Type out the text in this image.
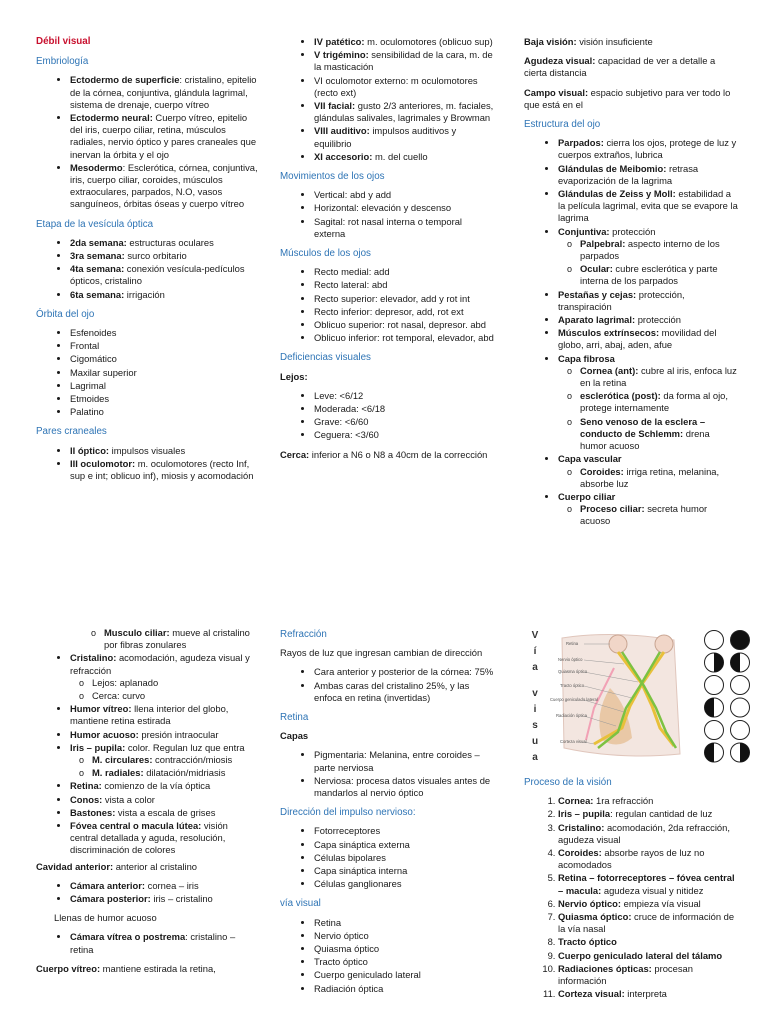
Débil visual
Embriología
• Ectodermo de superficie: cristalino, epitelio de la córnea, conjuntiva, glándula lagrimal, sistema de drenaje, cuerpo vítreo
• Ectodermo neural: Cuerpo vítreo, epitelio del iris, cuerpo ciliar, retina, músculos radiales, nervio óptico y pares craneales que inervan la órbita y el ojo
• Mesodermo: Esclerótica, córnea, conjuntiva, iris, cuerpo ciliar, coroides, músculos extraoculares, parpados, N.O, vasos sanguíneos, órbitas óseas y cuerpo vítreo
Etapa de la vesícula óptica
• 2da semana: estructuras oculares
• 3ra semana: surco orbitario
• 4ta semana: conexión vesícula-pedículos ópticos, cristalino
• 6ta semana: irrigación
Órbita del ojo
• Esfenoides
• Frontal
• Cigomático
• Maxilar superior
• Lagrimal
• Etmoides
• Palatino
Pares craneales
• II óptico: impulsos visuales
• III oculomotor: m. oculomotores (recto Inf, sup e int; oblicuo inf), miosis y acomodación
• IV patético: m. oculomotores (oblicuo sup)
• V trigémino: sensibilidad de la cara, m. de la masticación
• VI oculomotor externo: m oculomotores (recto ext)
• VII facial: gusto 2/3 anteriores, m. faciales, glándulas salivales, lagrimales y Browman
• VIII auditivo: impulsos auditivos y equilibrio
• XI accesorio: m. del cuello
Movimientos de los ojos
• Vertical: abd y add
• Horizontal: elevación y descenso
• Sagital: rot nasal interna o temporal externa
Músculos de los ojos
• Recto medial: add
• Recto lateral: abd
• Recto superior: elevador, add y rot int
• Recto inferior: depresor, add, rot ext
• Oblicuo superior: rot nasal, depresor. abd
• Oblicuo inferior: rot temporal, elevador, abd
Deficiencias visuales

Lejos:

• Leve: <6/12
• Moderada: <6/18
• Grave: <6/60
• Ceguera: <3/60

Cerca: inferior a N6 o N8 a 40cm de la corrección

Baja visión: visión insuficiente

Agudeza visual: capacidad de ver a detalle a cierta distancia

Campo visual: espacio subjetivo para ver todo lo que está en el

Estructura del ojo
• Parpados: cierra los ojos, protege de luz y cuerpos extraños, lubrica
• Glándulas de Meibomio: retrasa evaporización de la lagrima
• Glándulas de Zeiss y Moll: estabilidad a la película lagrimal, evita que se evapore la lagrima
• Conjuntiva: protección
o Palpebral: aspecto interno de los parpados
o Ocular: cubre esclerótica y parte interna de los parpados
• Pestañas y cejas: protección, transpiración
• Aparato lagrimal: protección
• Músculos extrínsecos: movilidad del globo, arri, abaj, aden, afue
• Capa fibrosa
o Cornea (ant): cubre al iris, enfoca luz en la retina
o esclerótica (post): da forma al ojo, protege internamente
o Seno venoso de la esclera – conducto de Schlemm: drena humor acuoso
• Capa vascular
o Coroides: irriga retina, melanina, absorbe luz
• Cuerpo ciliar
o Proceso ciliar: secreta humor acuoso
o Musculo ciliar: mueve al cristalino por fibras zonulares
• Cristalino: acomodación, agudeza visual y refracción
o Lejos: aplanado
o Cerca: curvo
• Humor vítreo: llena interior del globo, mantiene retina estirada
• Humor acuoso: presión intraocular
• Iris – pupila: color. Regulan luz que entra
o M. circulares: contracción/miosis
o M. radiales: dilatación/midriasis
• Retina: comienzo de la vía óptica
• Conos: vista a color
• Bastones: vista a escala de grises
• Fóvea central o macula lútea: visión central detallada y aguda, resolución, discriminación de colores

Cavidad anterior: anterior al cristalino

• Cámara anterior: cornea – iris
• Cámara posterior: iris – cristalino

Llenas de humor acuoso

• Cámara vítrea o postrema: cristalino – retina

Cuerpo vítreo: mantiene estirada la retina,

Refracción

Rayos de luz que ingresan cambian de dirección

• Cara anterior y posterior de la córnea: 75%
• Ambas caras del cristalino 25%, y las enfoca en retina (invertidas)
Retina

Capas

• Pigmentaria: Melanina, entre coroides – parte nerviosa
• Nerviosa: procesa datos visuales antes de mandarlos al nervio óptico
Dirección del impulso nervioso:
• Fotorreceptores
• Capa sináptica externa
• Células bipolares
• Capa sináptica interna
• Células ganglionares
vía visual
• Retina
• Nervio óptico
• Quiasma óptico
• Tracto óptico
• Cuerpo geniculado lateral
• Radiación óptica
V
í
a
v
i
s
u
a
Retina
Nervio óptico
Quiasma óptico
Tracto óptico
Cuerpo geniculado lateral
Radiación óptica
Corteza visual
Proceso de la visión
1. Cornea: 1ra refracción
2. Iris – pupila: regulan cantidad de luz
3. Cristalino: acomodación, 2da refracción, agudeza visual
4. Coroides: absorbe rayos de luz no acomodados
5. Retina – fotorreceptores – fóvea central – macula: agudeza visual y nitidez
6. Nervio óptico: empieza vía visual
7. Quiasma óptico: cruce de información de la vía nasal
8. Tracto óptico
9. Cuerpo geniculado lateral del tálamo
10. Radiaciones ópticas: procesan información
11. Corteza visual: interpreta
